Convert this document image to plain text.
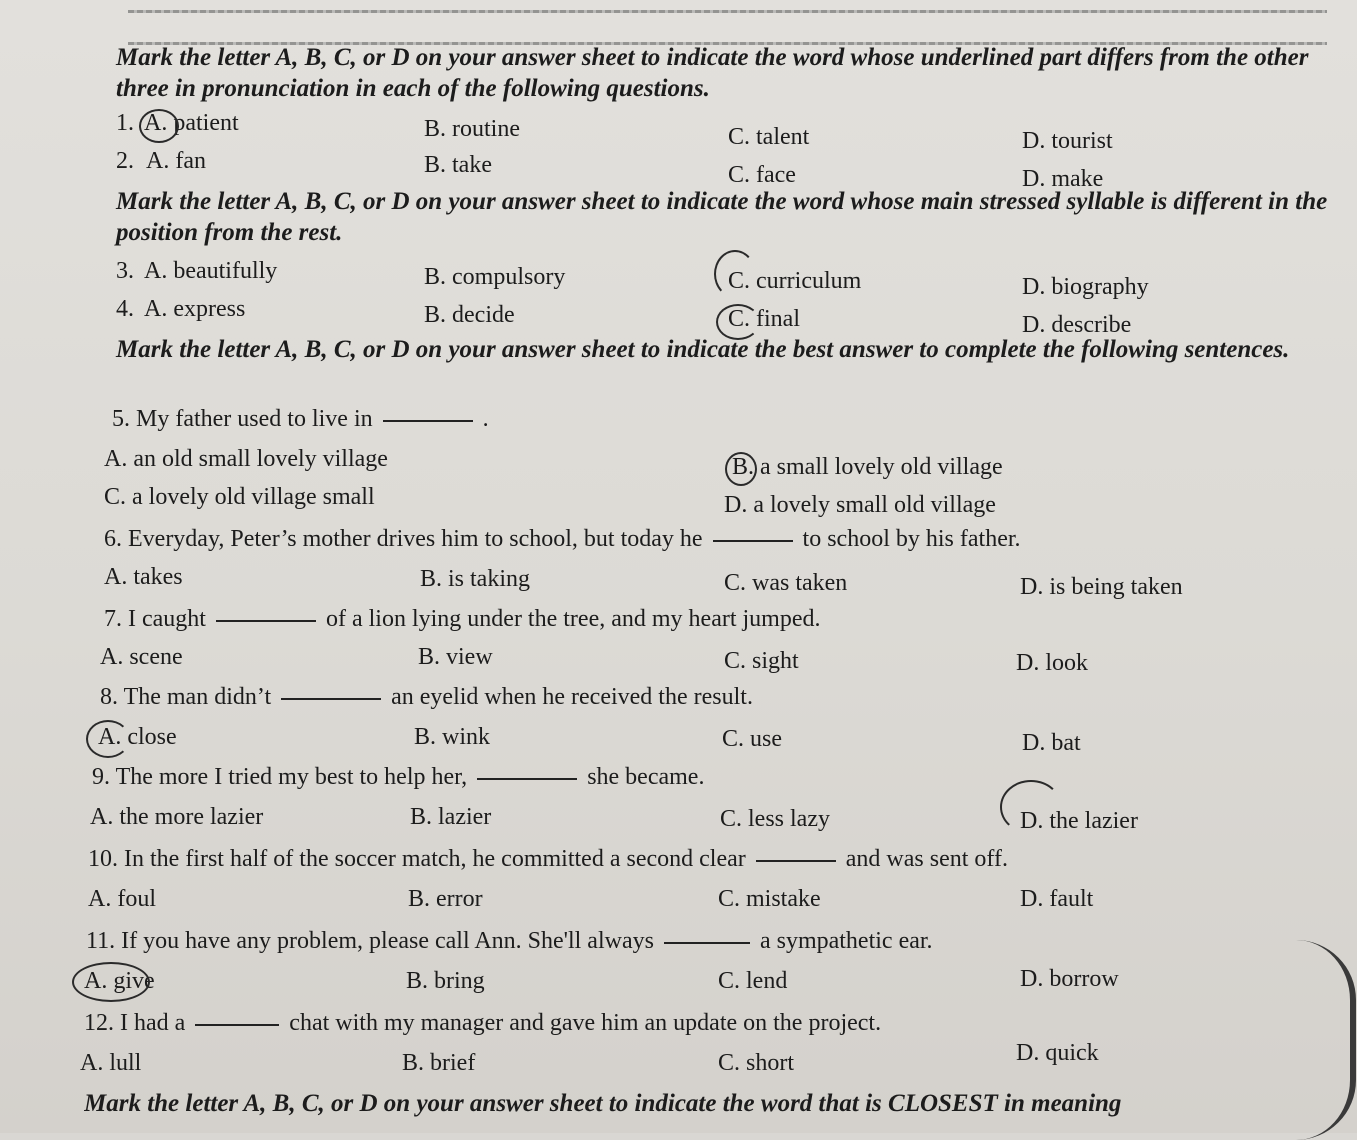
Mark the letter A, B, C, or D on your answer sheet to indicate the word whose underlined part differs from the other three in pronunciation in each of the following questions.

1. A. patient	B. routine	C. talent	D. tourist
2. A. fan	B. take	C. face	D. make

Mark the letter A, B, C, or D on your answer sheet to indicate the word whose main stressed syllable is different in the position from the rest.

3. A. beautifully	B. compulsory	C. curriculum	D. biography
4. A. express	B. decide	C. final	D. describe

Mark the letter A, B, C, or D on your answer sheet to indicate the best answer to complete the following sentences.

5. My father used to live in	.
A. an old small lovely village	B. a small lovely old village
C. a lovely old village small	D. a lovely small old village
6. Everyday, Peter’s mother drives him to school, but today he	to school by his father.
A. takes	B. is taking	C. was taken	D. is being taken
7. I caught	of a lion lying under the tree, and my heart jumped.
A. scene	B. view	C. sight	D. look
8. The man didn’t	an eyelid when he received the result.
A. close	B. wink	C. use	D. bat
9. The more I tried my best to help her,	she became.
A. the more lazier	B. lazier	C. less lazy	D. the lazier
10. In the first half of the soccer match, he committed a second clear	and was sent off.
A. foul	B. error	C. mistake	D. fault
11. If you have any problem, please call Ann. She'll always	a sympathetic ear.
A. give	B. bring	C. lend	D. borrow
12. I had a	chat with my manager and gave him an update on the project.
A. lull	B. brief	C. short	D. quick

Mark the letter A, B, C, or D on your answer sheet to indicate the word that is CLOSEST in meaning
